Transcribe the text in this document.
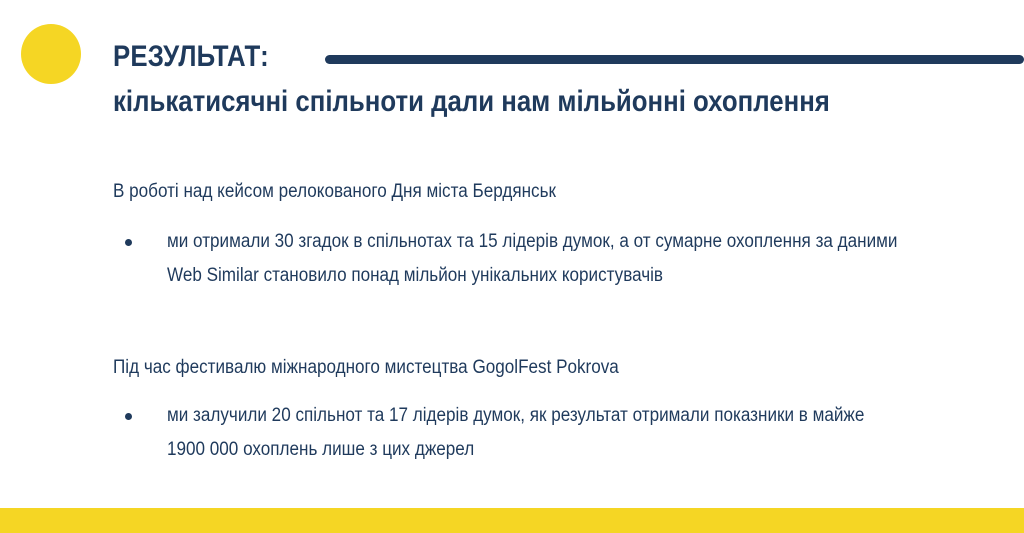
РЕЗУЛЬТАТ:
кількатисячні спільноти дали нам мільйонні охоплення

В роботі над кейсом релокованого Дня міста Бердянськ

ми отримали 30 згадок в спільнотах та 15 лідерів думок, а от сумарне охоплення за даними Web Similar становило понад мільйон унікальних користувачів

Під час фестивалю міжнародного мистецтва GogolFest Pokrova

ми залучили 20 спільнот та 17 лідерів думок, як результат отримали показники в майже 1900 000 охоплень лише з цих джерел
